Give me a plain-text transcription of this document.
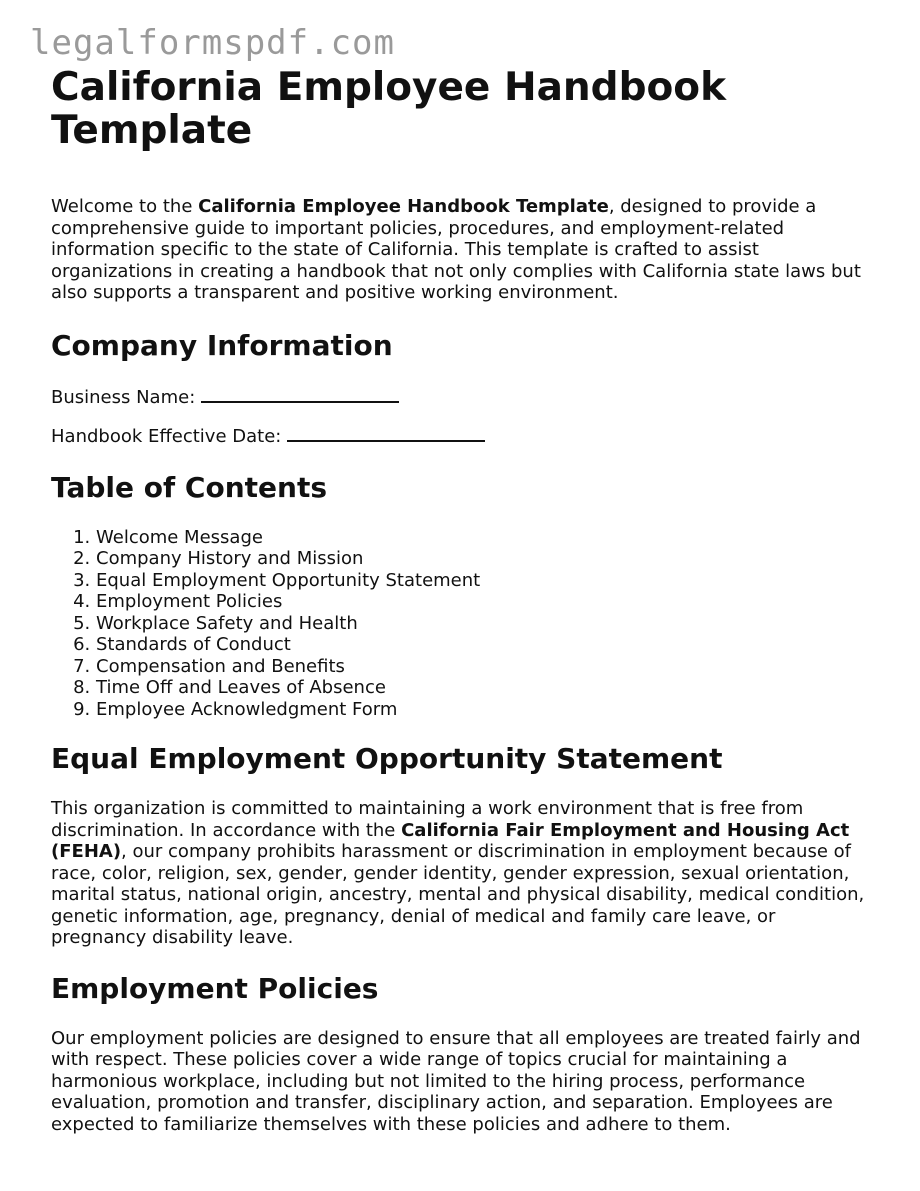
legalformspdf.com
California Employee Handbook Template

Welcome to the California Employee Handbook Template, designed to provide a comprehensive guide to important policies, procedures, and employment-related information specific to the state of California. This template is crafted to assist organizations in creating a handbook that not only complies with California state laws but also supports a transparent and positive working environment.

Company Information

Business Name:

Handbook Effective Date:

Table of Contents
1. Welcome Message
2. Company History and Mission
3. Equal Employment Opportunity Statement
4. Employment Policies
5. Workplace Safety and Health
6. Standards of Conduct
7. Compensation and Benefits
8. Time Off and Leaves of Absence
9. Employee Acknowledgment Form
Equal Employment Opportunity Statement

This organization is committed to maintaining a work environment that is free from discrimination. In accordance with the California Fair Employment and Housing Act (FEHA), our company prohibits harassment or discrimination in employment because of race, color, religion, sex, gender, gender identity, gender expression, sexual orientation, marital status, national origin, ancestry, mental and physical disability, medical condition, genetic information, age, pregnancy, denial of medical and family care leave, or pregnancy disability leave.

Employment Policies

Our employment policies are designed to ensure that all employees are treated fairly and with respect. These policies cover a wide range of topics crucial for maintaining a harmonious workplace, including but not limited to the hiring process, performance evaluation, promotion and transfer, disciplinary action, and separation. Employees are expected to familiarize themselves with these policies and adhere to them.
